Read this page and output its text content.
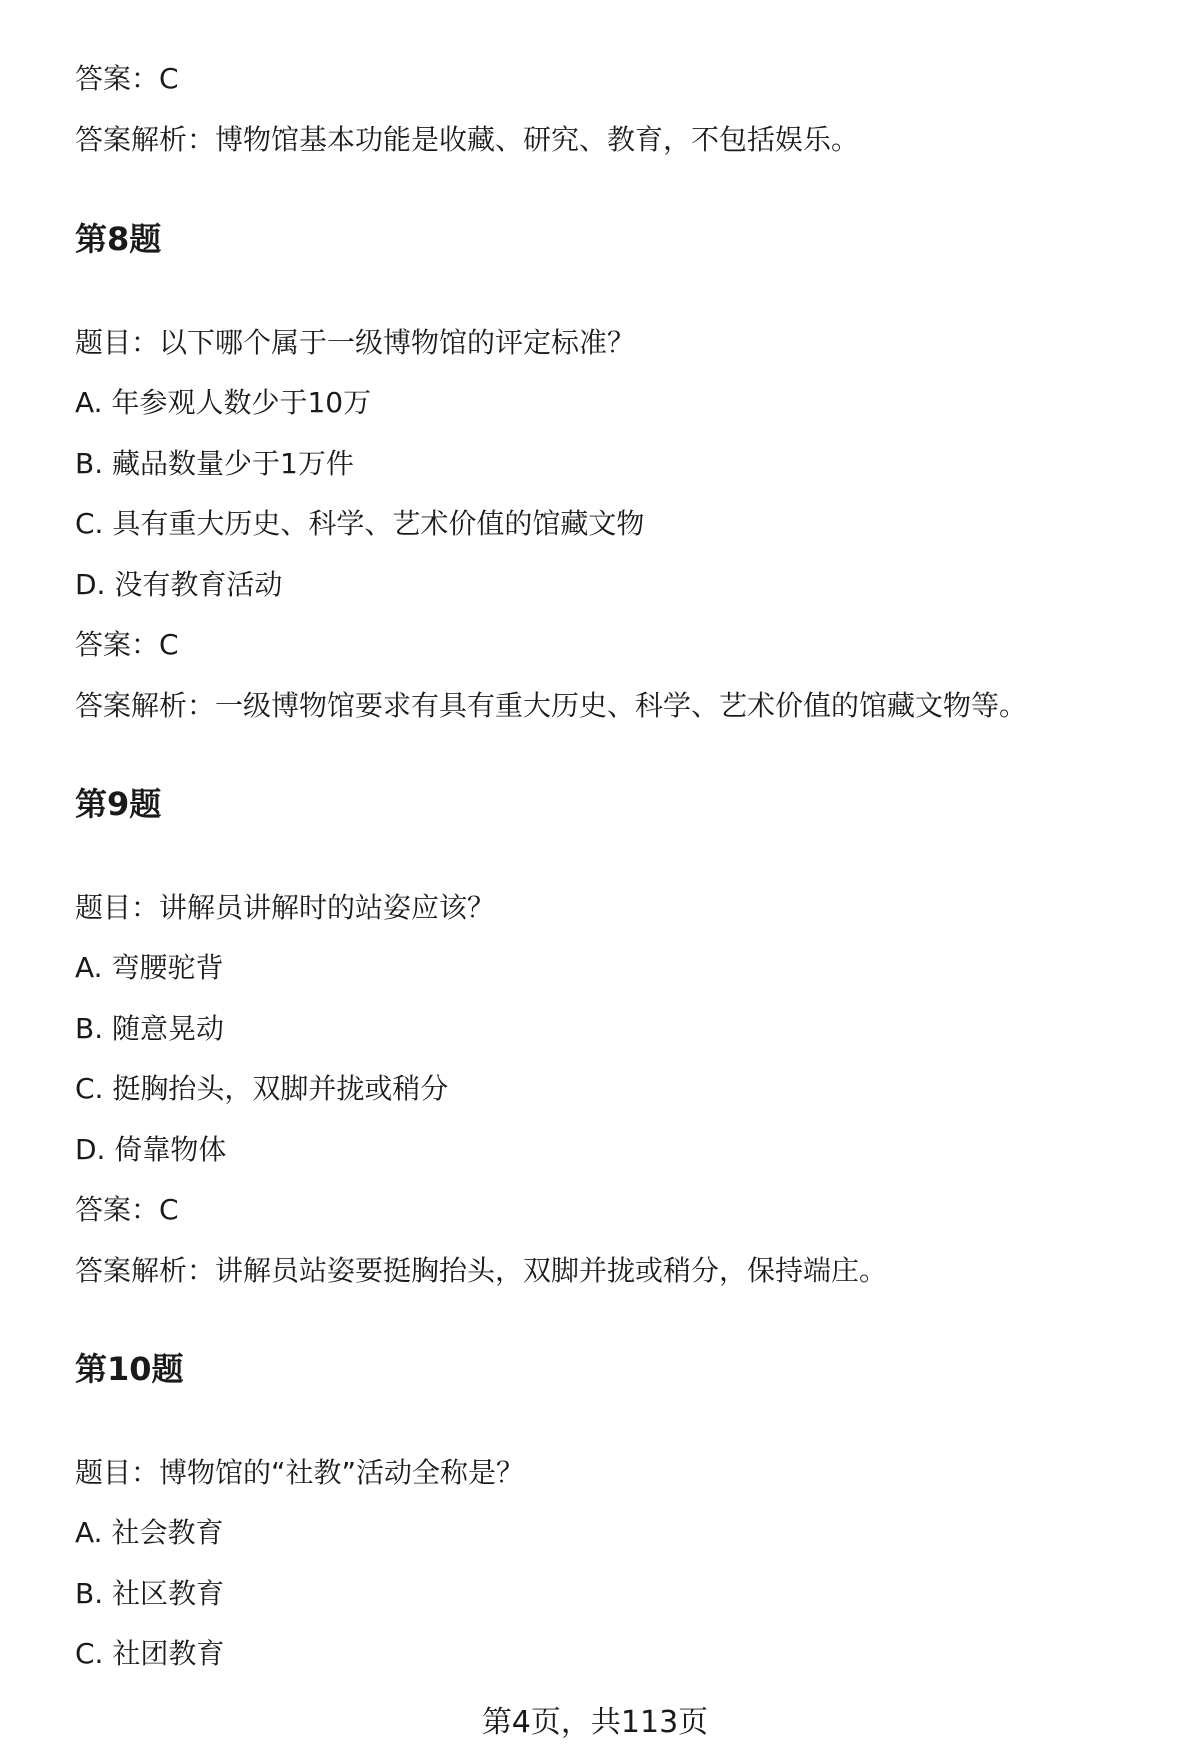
答案：C
答案解析：博物馆基本功能是收藏、研究、教育，不包括娱乐。
第8题
题目：以下哪个属于一级博物馆的评定标准？
A. 年参观人数少于10万
B. 藏品数量少于1万件
C. 具有重大历史、科学、艺术价值的馆藏文物
D. 没有教育活动
答案：C
答案解析：一级博物馆要求有具有重大历史、科学、艺术价值的馆藏文物等。
第9题
题目：讲解员讲解时的站姿应该？
A. 弯腰驼背
B. 随意晃动
C. 挺胸抬头，双脚并拢或稍分
D. 倚靠物体
答案：C
答案解析：讲解员站姿要挺胸抬头，双脚并拢或稍分，保持端庄。
第10题
题目：博物馆的“社教”活动全称是？
A. 社会教育
B. 社区教育
C. 社团教育
第4页，共113页
